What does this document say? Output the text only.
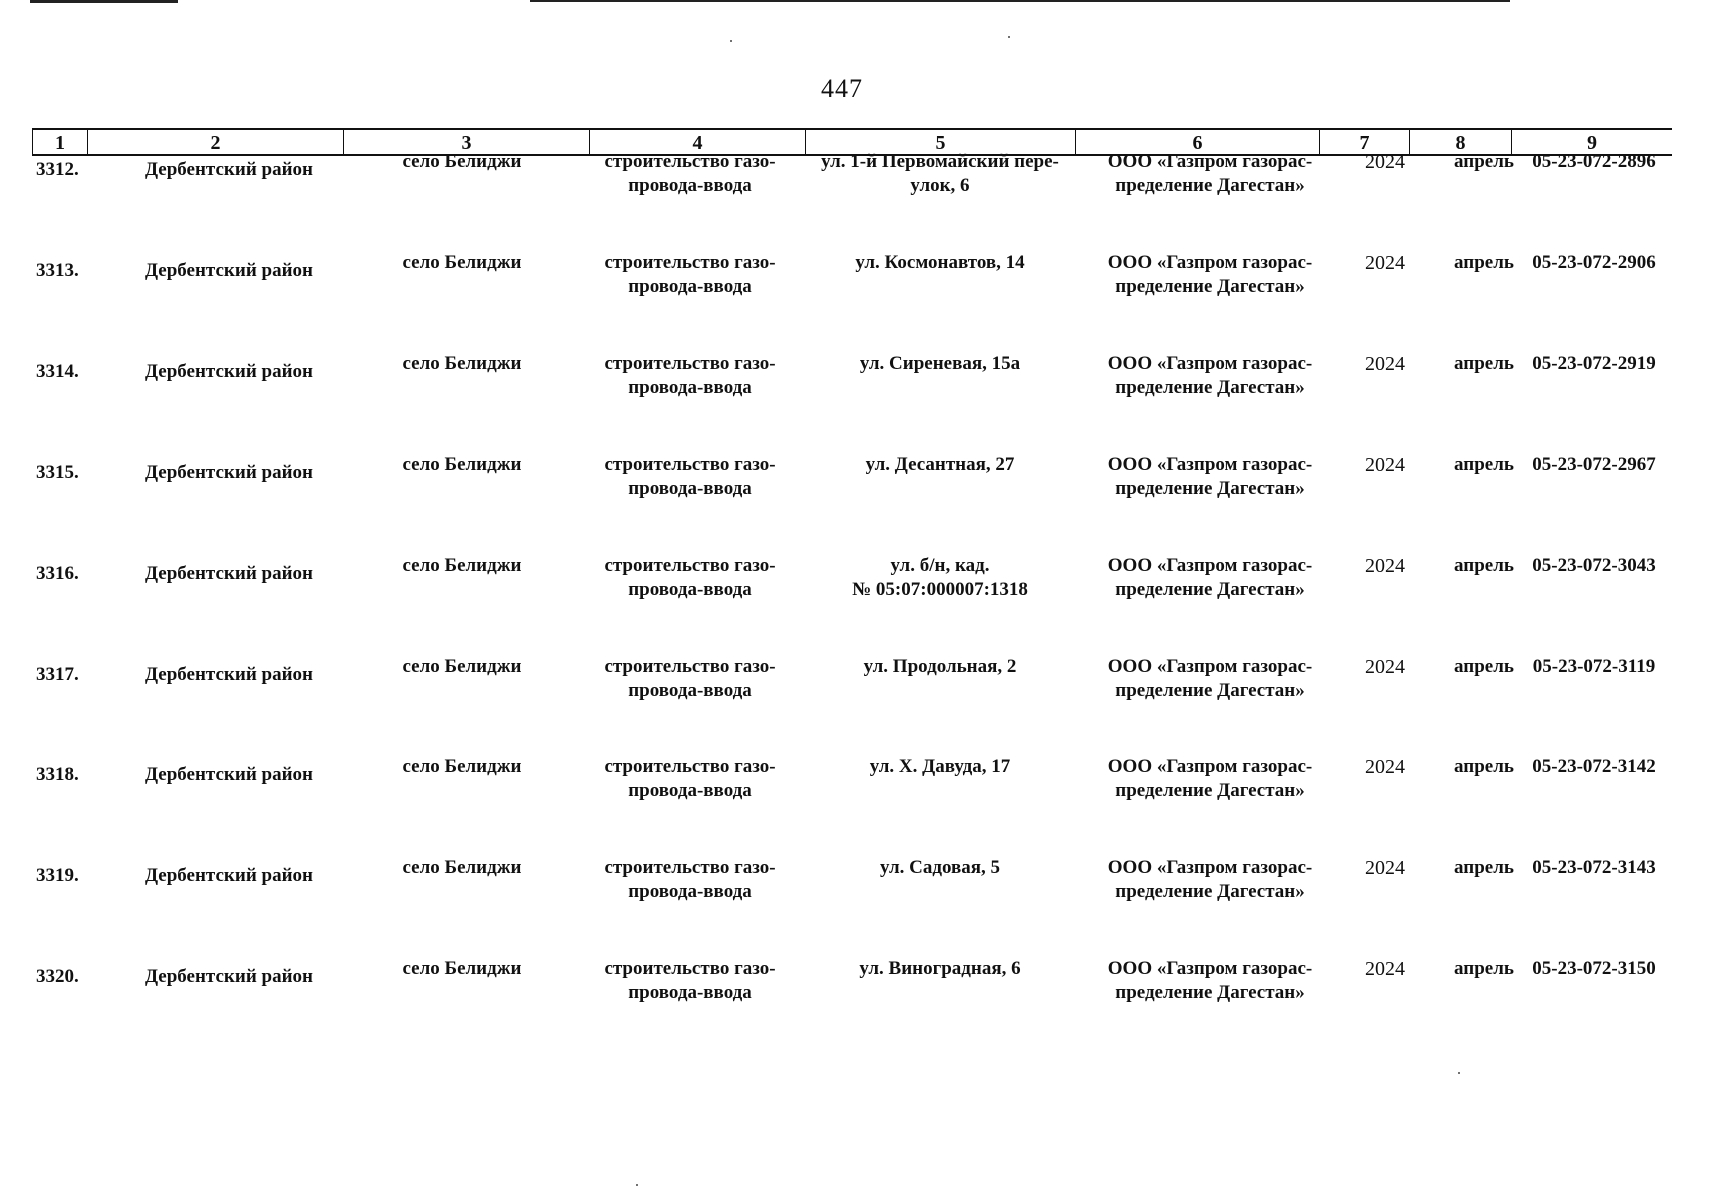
447
1	2	3	4	5	6	7	8	9
3312.	Дербентский район	село Белиджи	строительство газо-
провода-ввода
ул. 1-й Первомайский пере-
улок, 6
ООО «Газпром газорас-
пределение Дагестан»
2024	апрель 05-23-072-2896
3313.	Дербентский район	село Белиджи	строительство газо-
провода-ввода
ул. Космонавтов, 14	ООО «Газпром газорас-
пределение Дагестан»
2024	апрель 05-23-072-2906
3314.	Дербентский район	село Белиджи	строительство газо-
провода-ввода
ул. Сиреневая, 15а	ООО «Газпром газорас-
пределение Дагестан»
2024	апрель 05-23-072-2919
3315.	Дербентский район	село Белиджи	строительство газо-
провода-ввода
ул. Десантная, 27	ООО «Газпром газорас-
пределение Дагестан»
2024	апрель 05-23-072-2967
3316.	Дербентский район	село Белиджи	строительство газо-
провода-ввода
ул. б/н, кад.
№ 05:07:000007:1318
ООО «Газпром газорас-
пределение Дагестан»
2024	апрель 05-23-072-3043
3317.	Дербентский район	село Белиджи	строительство газо-
провода-ввода
ул. Продольная, 2	ООО «Газпром газорас-
пределение Дагестан»
2024	апрель 05-23-072-3119
3318.	Дербентский район	село Белиджи	строительство газо-
провода-ввода
ул. Х. Давуда, 17	ООО «Газпром газорас-
пределение Дагестан»
2024	апрель 05-23-072-3142
3319.	Дербентский район	село Белиджи	строительство газо-
провода-ввода
ул. Садовая, 5	ООО «Газпром газорас-
пределение Дагестан»
2024	апрель 05-23-072-3143
3320.	Дербентский район	село Белиджи	строительство газо-
провода-ввода
ул. Виноградная, 6	ООО «Газпром газорас-
пределение Дагестан»
2024	апрель 05-23-072-3150
